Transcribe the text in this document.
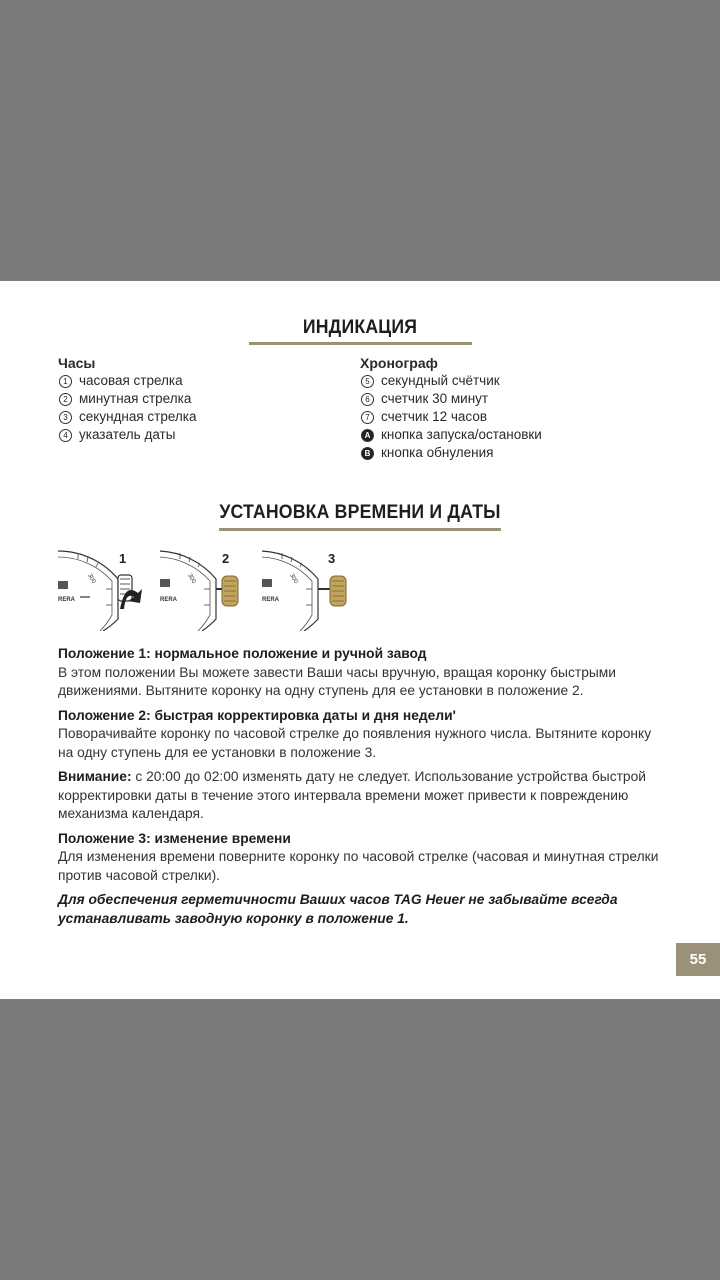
ИНДИКАЦИЯ
Часы
1 часовая стрелка
2 минутная стрелка
3 секундная стрелка
4 указатель даты
Хронограф
5 секундный счётчик
6 счетчик 30 минут
7 счетчик 12 часов
A кнопка запуска/остановки
B кнопка обнуления
УСТАНОВКА ВРЕМЕНИ И ДАТЫ
300
RERA
1
300
RERA
2
300
RERA
3

Положение 1: нормальное положение и ручной завод
В этом положении Вы можете завести Ваши часы вручную, вращая коронку быстрыми движениями. Вытяните коронку на одну ступень для ее установки в положение 2.

Положение 2: быстрая корректировка даты и дня недели'
Поворачивайте коронку по часовой стрелке до появления нужного числа. Вытяните коронку на одну ступень для ее установки в положение 3.

Внимание: с 20:00 до 02:00 изменять дату не следует. Использование устройства быстрой корректировки даты в течение этого интервала времени может привести к повреждению механизма календаря.

Положение 3: изменение времени
Для изменения времени поверните коронку по часовой стрелке (часовая и минутная стрелки против часовой стрелки).

Для обеспечения герметичности Ваших часов TAG Heuer не забывайте всегда устанавливать заводную коронку в положение 1.

55
